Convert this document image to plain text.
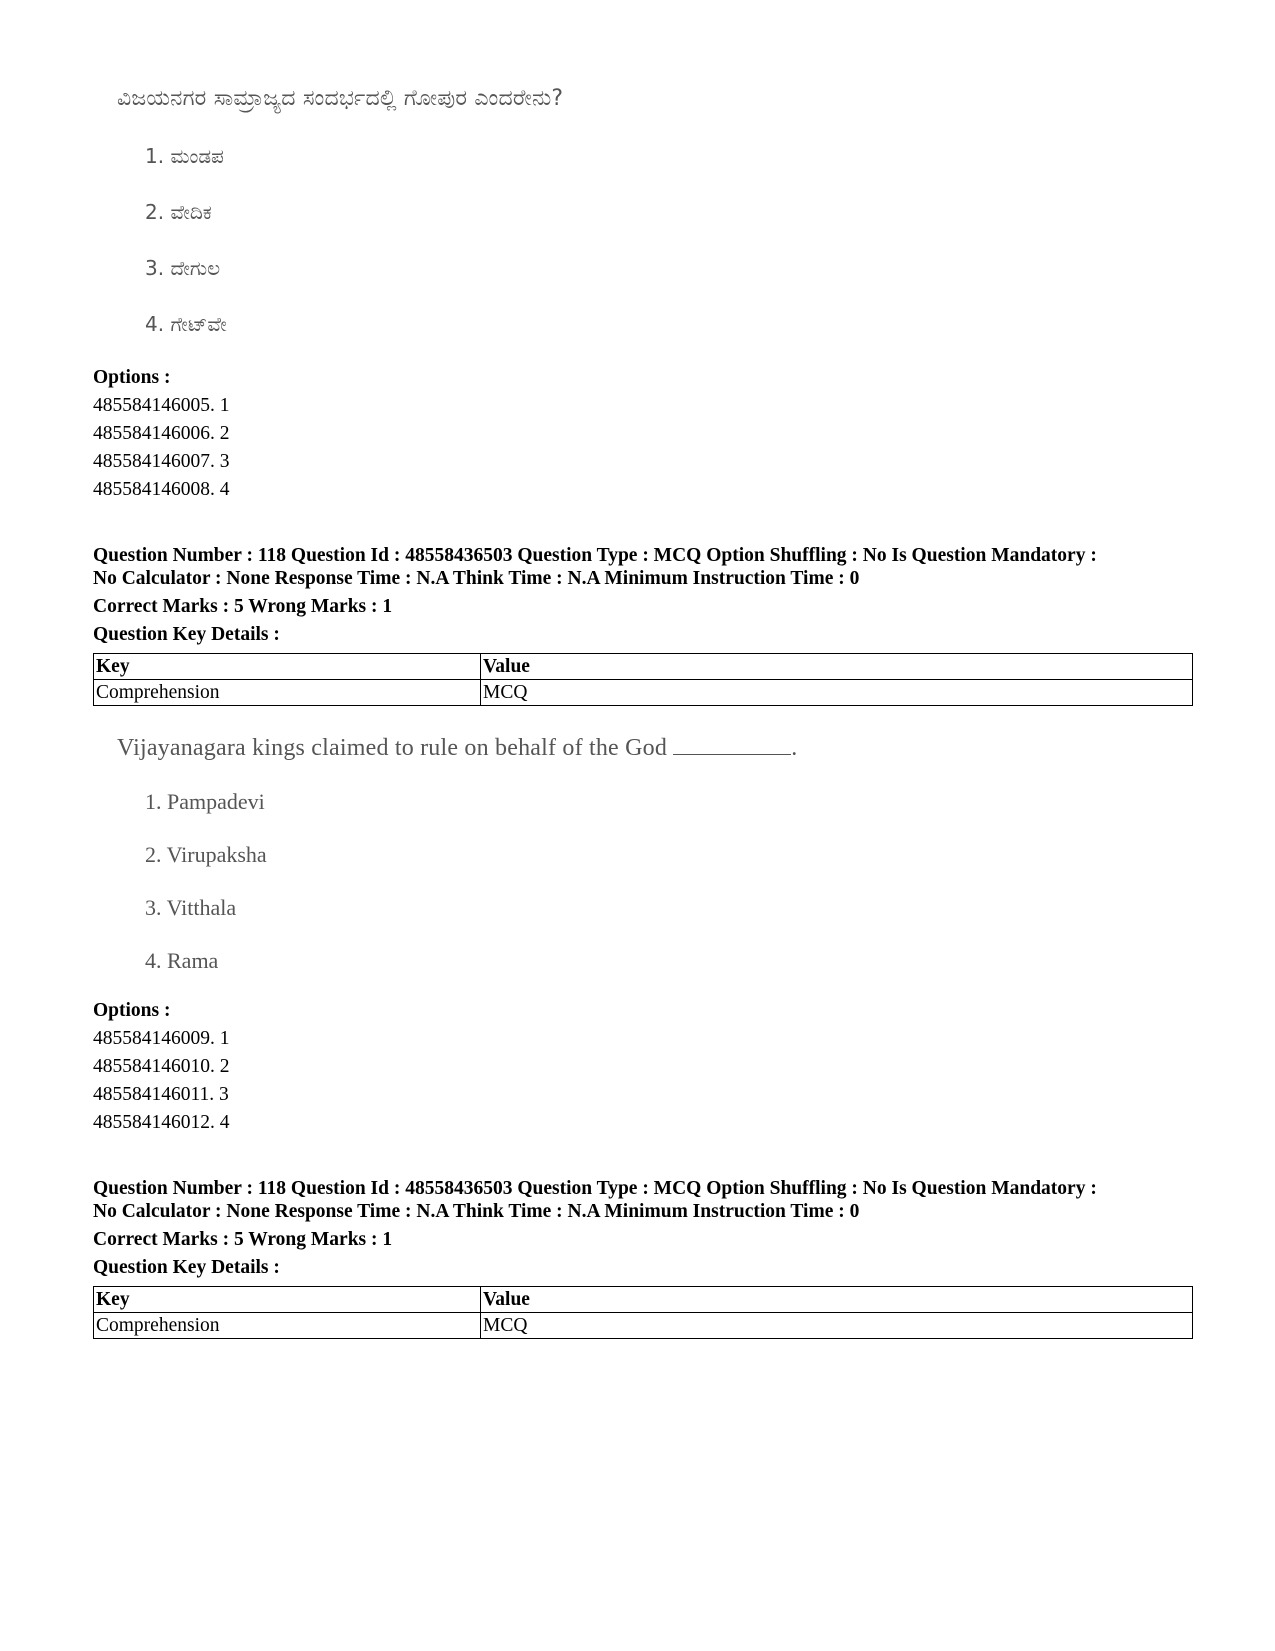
ವಿಜಯನಗರ ಸಾಮ್ರಾಜ್ಯದ ಸಂದರ್ಭದಲ್ಲಿ ಗೋಪುರ ಎಂದರೇನು?
1. ಮಂಡಪ
2. ವೇದಿಕ
3. ದೇಗುಲ
4. ಗೇಟ್‌ವೇ
Options :
485584146005. 1
485584146006. 2
485584146007. 3
485584146008. 4
Question Number : 118 Question Id : 48558436503 Question Type : MCQ Option Shuffling : No Is Question Mandatory :
No Calculator : None Response Time : N.A Think Time : N.A Minimum Instruction Time : 0
Correct Marks : 5 Wrong Marks : 1
Question Key Details :
Key	Value
Comprehension	MCQ
Vijayanagara kings claimed to rule on behalf of the God	.
1. Pampadevi
2. Virupaksha
3. Vitthala
4. Rama
Options :
485584146009. 1
485584146010. 2
485584146011. 3
485584146012. 4
Question Number : 118 Question Id : 48558436503 Question Type : MCQ Option Shuffling : No Is Question Mandatory :
No Calculator : None Response Time : N.A Think Time : N.A Minimum Instruction Time : 0
Correct Marks : 5 Wrong Marks : 1
Question Key Details :
Key	Value
Comprehension	MCQ
